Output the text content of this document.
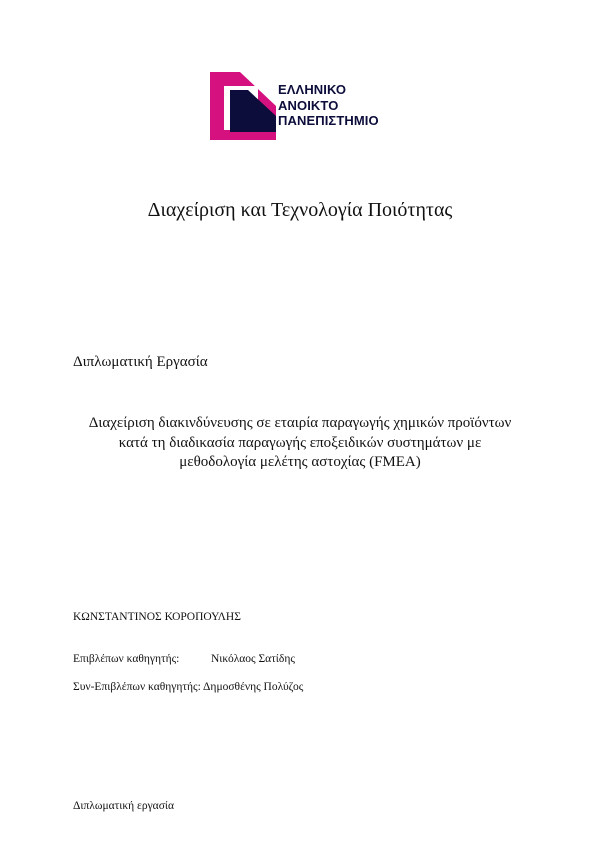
ΕΛΛΗΝΙΚΟ
ΑΝΟΙΚΤΟ
ΠΑΝΕΠΙΣΤΗΜΙΟ
Διαχείριση και Τεχνολογία Ποιότητας
Διπλωματική Εργασία
Διαχείριση διακινδύνευσης σε εταιρία παραγωγής χημικών προϊόντων
κατά τη διαδικασία παραγωγής εποξειδικών συστημάτων με
μεθοδολογία μελέτης αστοχίας (FMEA)
ΚΩΝΣΤΑΝΤΙΝΟΣ ΚΟΡΟΠΟΥΛΗΣ
Επιβλέπων καθηγητής:	Νικόλαος Σατίδης
Συν-Επιβλέπων καθηγητής: Δημοσθένης Πολύζος
Διπλωματική εργασία
